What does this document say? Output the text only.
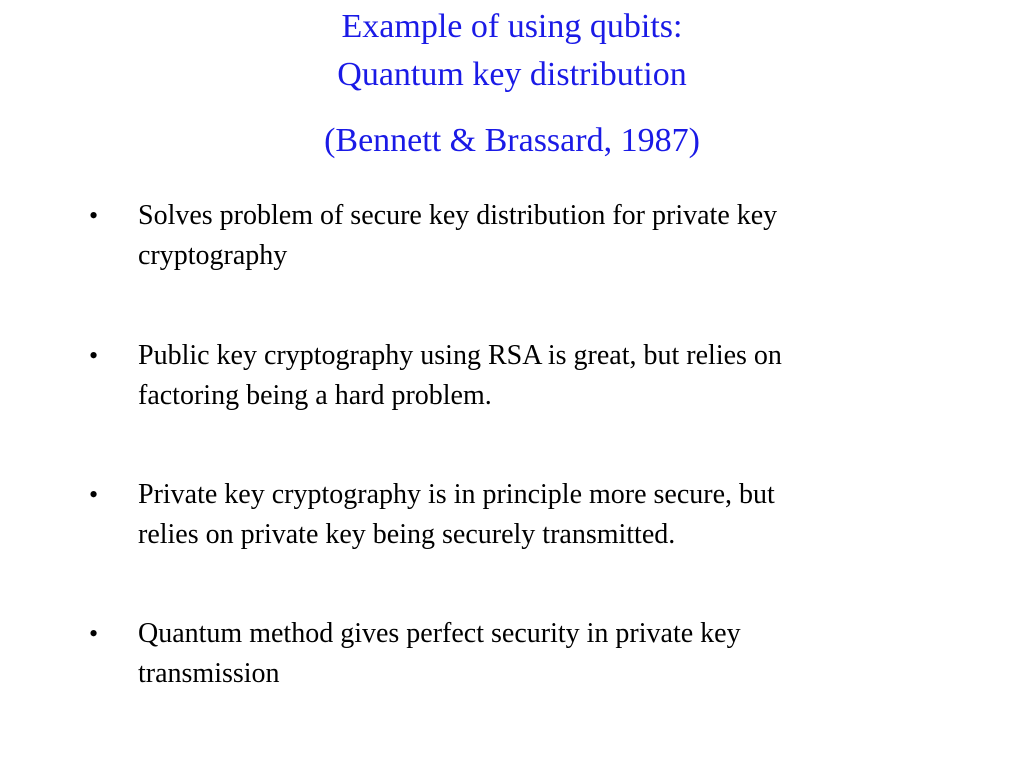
Example of using qubits:
Quantum key distribution
(Bennett & Brassard, 1987)
• Solves problem of secure key distribution for private key
cryptography
• Public key cryptography using RSA is great, but relies on
factoring being a hard problem.
• Private key cryptography is in principle more secure, but
relies on private key being securely transmitted.
• Quantum method gives perfect security in private key
transmission
